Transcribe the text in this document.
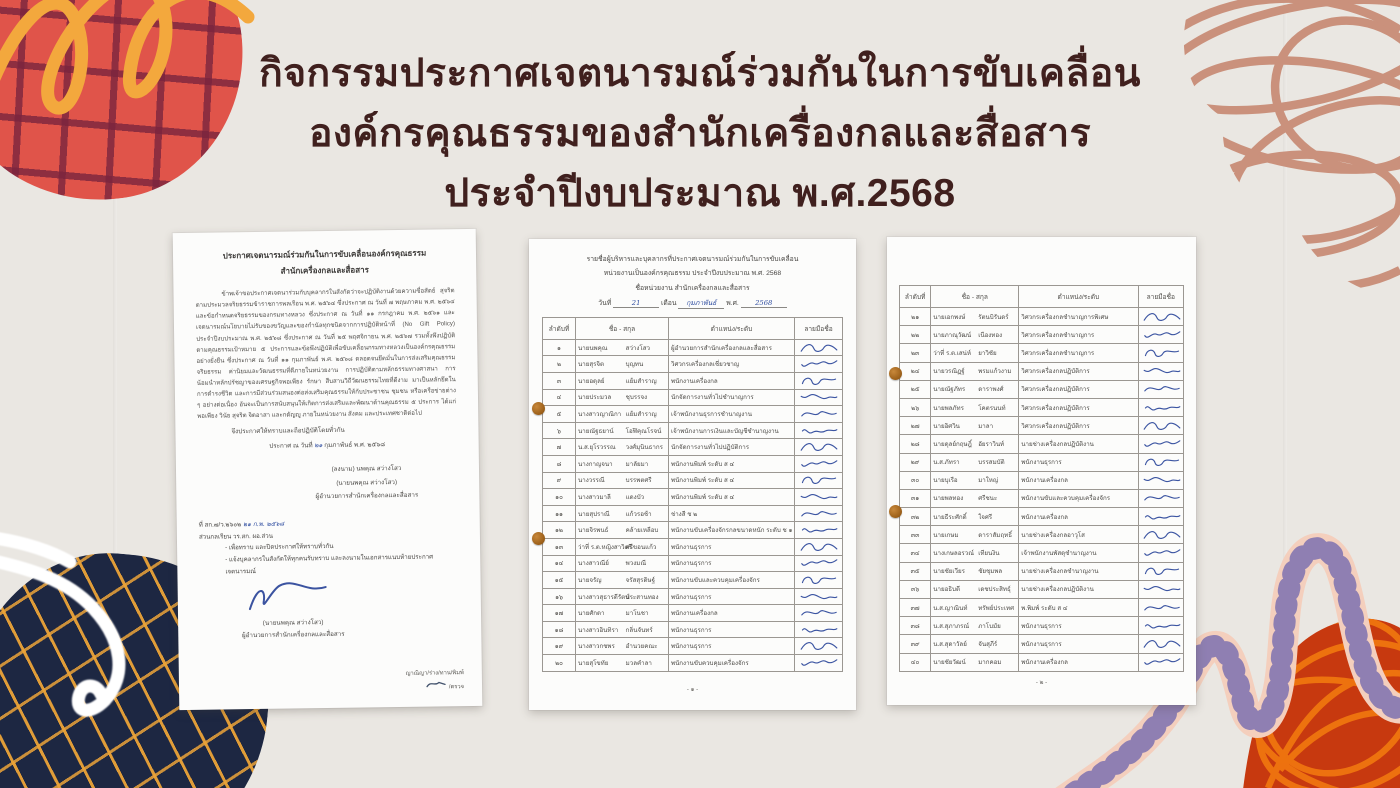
กิจกรรมประกาศเจตนารมณ์ร่วมกันในการขับเคลื่อน
องค์กรคุณธรรมของสำนักเครื่องกลและสื่อสาร
ประจำปีงบประมาณ พ.ศ.2568
ประกาศเจตนารมณ์ร่วมกันในการขับเคลื่อนองค์กรคุณธรรม
สำนักเครื่องกลและสื่อสาร
ข้าพเจ้าขอประกาศเจตนาร่วมกับบุคลากรในสังกัดว่าจะปฏิบัติงานด้วยความซื่อสัตย์ สุจริต ตามประมวลจริยธรรมข้าราชการพลเรือน พ.ศ. ๒๕๖๔ ซึ่งประกาศ ณ วันที่ ๗ พฤษภาคม พ.ศ. ๒๕๖๔ และข้อกำหนดจริยธรรมของกรมทางหลวง ซึ่งประกาศ ณ วันที่ ๑๑ กรกฎาคม พ.ศ. ๒๕๖๑ และเจตนารมณ์นโยบายไม่รับของขวัญและของกำนัลทุกชนิดจากการปฏิบัติหน้าที่ (No Gift Policy) ประจำปีงบประมาณ พ.ศ. ๒๕๖๘ ซึ่งประกาศ ณ วันที่ ๒๕ พฤศจิกายน พ.ศ. ๒๕๖๗ รวมทั้งพึงปฏิบัติตามคุณธรรมเป้าหมาย ๕ ประการและข้อพึงปฏิบัติเพื่อขับเคลื่อนกรมทางหลวงเป็นองค์กรคุณธรรมอย่างยั่งยืน ซึ่งประกาศ ณ วันที่ ๑๑ กุมภาพันธ์ พ.ศ. ๒๕๖๘ ตลอดจนยึดมั่นในการส่งเสริมคุณธรรม จริยธรรม ค่านิยมและวัฒนธรรมที่ดีภายในหน่วยงาน การปฏิบัติตามหลักธรรมทางศาสนา การน้อมนำหลักปรัชญาของเศรษฐกิจพอเพียง รักษา สืบสานวิถีวัฒนธรรมไทยที่ดีงาม มาเป็นหลักยึดในการดำรงชีวิต และการมีส่วนร่วมสนองต่อส่งเสริมคุณธรรมให้กับประชาชน ชุมชน หรือเครือข่ายต่าง ๆ อย่างต่อเนื่อง อันจะเป็นการสนับสนุนให้เกิดการส่งเสริมและพัฒนาด้านคุณธรรม ๕ ประการ ได้แก่ พอเพียง วินัย สุจริต จิตอาสา และกตัญญู ภายในหน่วยงาน สังคม และประเทศชาติต่อไป
จึงประกาศให้ทราบและถือปฏิบัติโดยทั่วกัน
ประกาศ ณ วันที่ ๒๑ กุมภาพันธ์ พ.ศ. ๒๕๖๘
(ลงนาม) นพคุณ สว่างโสว
(นายนพคุณ สว่างโสว)
ผู้อำนวยการสำนักเครื่องกลและสื่อสาร
ที่ สก.๗/ว.๒๖๐๒ ๒๑ ก.พ. ๒๕๖๘
ส่วนกลเรียน วร.สก. ผอ.ส่วน
- เพื่อทราบ และปิดประกาศให้ทราบทั่วกัน
- แจ้งบุคลากรในสังกัดให้ทุกคนรับทราบ และลงนามในเอกสารแนบท้ายประกาศเจตนารมณ์
(นายนพคุณ สว่างโสว)
ผู้อำนวยการสำนักเครื่องกลและสื่อสาร
ญาณิญา/ร่าง/ทาน/พิมพ์
/ตรวจ
รายชื่อผู้บริหารและบุคลากรที่ประกาศเจตนารมณ์ร่วมกันในการขับเคลื่อน
หน่วยงานเป็นองค์กรคุณธรรม ประจำปีงบประมาณ พ.ศ. 2568
ชื่อหน่วยงาน สำนักเครื่องกลและสื่อสาร
วันที่	21	เดือน กุมภาพันธ์ พ.ศ. 2568
ลำดับที่	ชื่อ - สกุล	ตำแหน่ง/ระดับ	ลายมือชื่อ
๑	นายนพคุณ สว่างโสว	ผู้อำนวยการสำนักเครื่องกลและสื่อสาร	
๒	นายสุรจิต บุญทน	วิศวกรเครื่องกลเชี่ยวชาญ	
๓	นายอดุลย์ แย้มสำราญ	พนักงานเครื่องกล	
๔	นายประมวล ชุบรรจง	นักจัดการงานทั่วไปชำนาญการ	
๕	นางสาวญาณิกา แย้มสำราญ	เจ้าพนักงานธุรการชำนาญงาน	
๖	นายณัฐธยาน์ โอฬิคุณโรจน์	เจ้าพนักงานการเงินและบัญชีชำนาญงาน	
๗	น.ส.ยุโรวรรณ วงศ์มุนินธากร	นักจัดการงานทั่วไปปฏิบัติการ	
๘	นางกาญจนา มาลัยมา	พนักงานพิมพ์ ระดับ ส ๔	
๙	นางวรรณี บรรพตศรี	พนักงานพิมพ์ ระดับ ส ๔	
๑๐	นางสาวมาลี แดงบัว	พนักงานพิมพ์ ระดับ ส ๔	
๑๑	นายสุปราณี แก้วรอช้า	ช่างสี ช ๒	
๑๒	นายจิรพนธ์ คล้ายเหลือบ	พนักงานขับเครื่องจักรกลขนาดหนัก ระดับ ช ๑	
๑๓	ว่าที่ ร.ต.หญิงสาวิตรี
ศรีขอนแก้ว	พนักงานธุรการ	
๑๔	นางสาวณีย์ พวงมณี	พนักงานธุรการ	
๑๕	นายจรัญ จรัสสุรดิษฐ์	พนักงานขับและควบคุมเครื่องจักร	
๑๖	นางสาวสุธารดีรัตน์
ประสานทอง	พนักงานธุรการ	
๑๗	นายศักดา มาโนชา	พนักงานเครื่องกล	
๑๘	นางสาวอินทิรา กลิ่นจันทร์	พนักงานธุรการ	
๑๙	นางสาวกชพร อำนวยคณะ	พนักงานธุรการ	
๒๐	นายสุโขทัย มวลคำลา	พนักงานขับควบคุมเครื่องจักร	
- ๑ -
ลำดับที่	ชื่อ - สกุล	ตำแหน่ง/ระดับ	ลายมือชื่อ
๒๑	นายเอกพงษ์ รัตนบิรันดร์	วิศวกรเครื่องกลชำนาญการพิเศษ	
๒๒	นายภาณุวัฒน์ เนืองทอง	วิศวกรเครื่องกลชำนาญการ	
๒๓	ว่าที่ ร.ต.เสน่ห์ ยาวิชัย	วิศวกรเครื่องกลชำนาญการ	
๒๔	นายวรณิฏฐ์ พรมแก้วงาม	วิศวกรเครื่องกลปฏิบัติการ	
๒๕	นายณัฐภัทร ดาราพงศ์	วิศวกรเครื่องกลปฏิบัติการ	
๒๖	นายพลภัทร โคตรนนท์	วิศวกรเครื่องกลปฏิบัติการ	
๒๗	นายอิศวิน มาลา	วิศวกรเครื่องกลปฏิบัติการ	
๒๘	นายดุลย์กฤษฎิ์ อัยราวินท์	นายช่างเครื่องกลปฏิบัติงาน	
๒๙	น.ส.ภัทรา บรรสมบัติ	พนักงานธุรการ	
๓๐	นายบุเรือ มาใหญ่	พนักงานเครื่องกล	
๓๑	นายพลทอง ศรีชนะ	พนักงานขับและควบคุมเครื่องจักร	
๓๒	นายธีระศักดิ์ ใจศรี	พนักงานเครื่องกล	
๓๓	นายเกษม ดาราสัมฤทธิ์	นายช่างเครื่องกลอาวุโส	
๓๔	นางเกษลอรวณ์ เทียนงิน	เจ้าพนักงานพัสดุชำนาญงาน	
๓๕	นายชัยเวียร ชัยชุมพล	นายช่างเครื่องกลชำนาญงาน	
๓๖	นายอธิบดี เดชประสิทธุ์	นายช่างเครื่องกลปฏิบัติงาน	
๓๗	น.ส.ญาณินท์ ทรัพย์ประเทศ	พ.พิมพ์ ระดับ ส ๔	
๓๘	น.ส.สุภาภรณ์ ภาโบมัย	พนักงานธุรการ	
๓๙	น.ส.สุดาวัลย์ จันสุภีร์	พนักงานธุรการ	
๔๐	นายชัยวัฒน์ มากคอม	พนักงานเครื่องกล	
- ๒ -
